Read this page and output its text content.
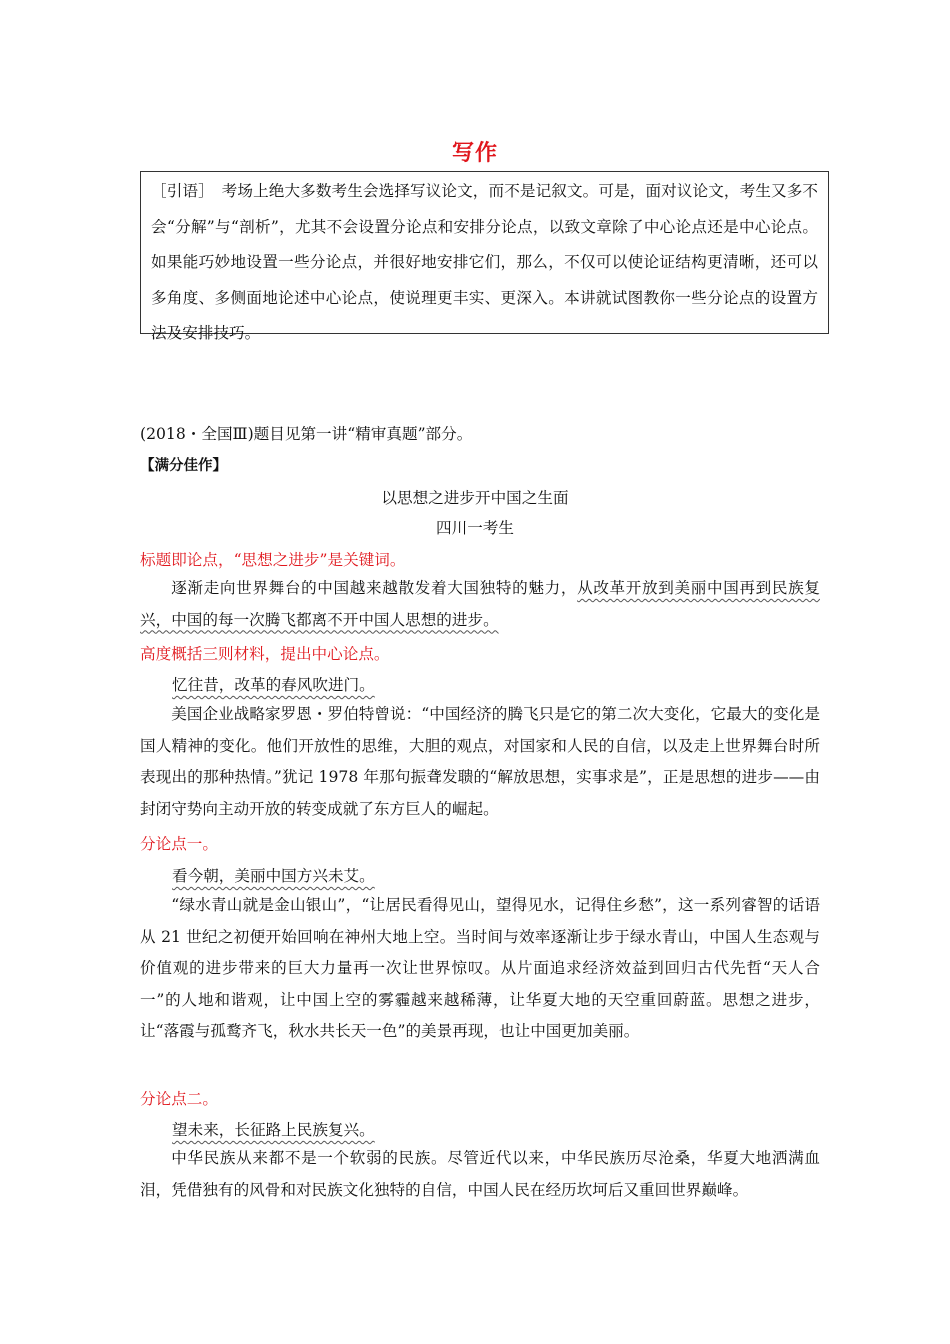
写作

［引语］　考场上绝大多数考生会选择写议论文，而不是记叙文。可是，面对议论文，考生又多不会“分解”与“剖析”，尤其不会设置分论点和安排分论点，以致文章除了中心论点还是中心论点。如果能巧妙地设置一些分论点，并很好地安排它们，那么，不仅可以使论证结构更清晰，还可以多角度、多侧面地论述中心论点，使说理更丰实、更深入。本讲就试图教你一些分论点的设置方法及安排技巧。

(2018・全国Ⅲ)题目见第一讲“精审真题”部分。
【满分佳作】
以思想之进步开中国之生面
四川一考生
标题即论点，“思想之进步”是关键词。

逐渐走向世界舞台的中国越来越散发着大国独特的魅力，从改革开放到美丽中国再到民族复兴，中国的每一次腾飞都离不开中国人思想的进步。

高度概括三则材料，提出中心论点。
忆往昔，改革的春风吹进门。

美国企业战略家罗恩・罗伯特曾说：“中国经济的腾飞只是它的第二次大变化，它最大的变化是国人精神的变化。他们开放性的思维，大胆的观点，对国家和人民的自信，以及走上世界舞台时所表现出的那种热情。”犹记 1978 年那句振聋发聩的“解放思想，实事求是”，正是思想的进步——由封闭守势向主动开放的转变成就了东方巨人的崛起。

分论点一。
看今朝，美丽中国方兴未艾。

“绿水青山就是金山银山”，“让居民看得见山，望得见水，记得住乡愁”，这一系列睿智的话语从 21 世纪之初便开始回响在神州大地上空。当时间与效率逐渐让步于绿水青山，中国人生态观与价值观的进步带来的巨大力量再一次让世界惊叹。从片面追求经济效益到回归古代先哲“天人合一”的人地和谐观，让中国上空的雾霾越来越稀薄，让华夏大地的天空重回蔚蓝。思想之进步，让“落霞与孤鹜齐飞，秋水共长天一色”的美景再现，也让中国更加美丽。

分论点二。
望未来，长征路上民族复兴。

中华民族从来都不是一个软弱的民族。尽管近代以来，中华民族历尽沧桑，华夏大地洒满血泪，凭借独有的风骨和对民族文化独特的自信，中国人民在经历坎坷后又重回世界巅峰。
